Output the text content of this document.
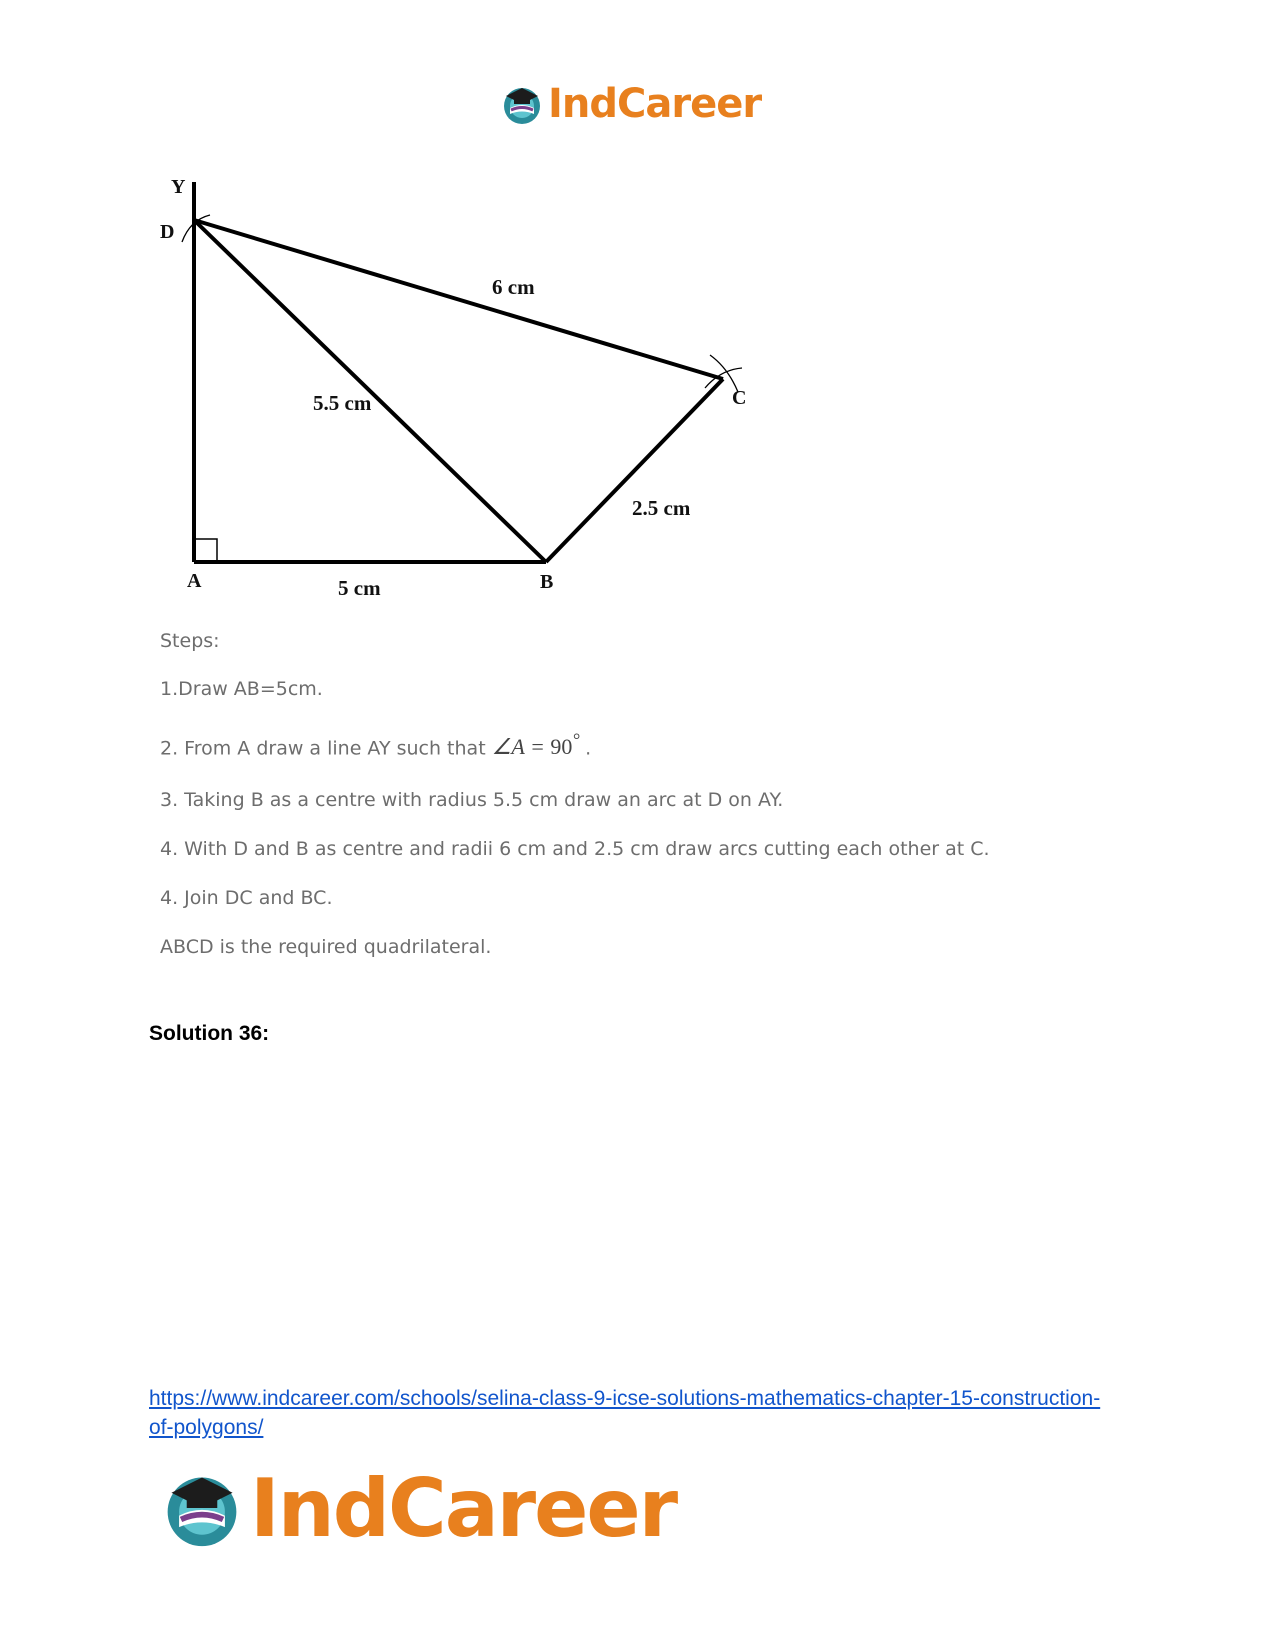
IndCareer
Y
D
A	B
C
6 cm
5.5 cm
2.5 cm
5 cm
Steps:
1.Draw AB=5cm.
2. From A draw a line AY such that ∠A = 90° .
3. Taking B as a centre with radius 5.5 cm draw an arc at D on AY.
4. With D and B as centre and radii 6 cm and 2.5 cm draw arcs cutting each other at C.
4. Join DC and BC.
ABCD is the required quadrilateral.
Solution 36:
https://www.indcareer.com/schools/selina-class-9-icse-solutions-mathematics-chapter-15-construction-of-polygons/
IndCareer
